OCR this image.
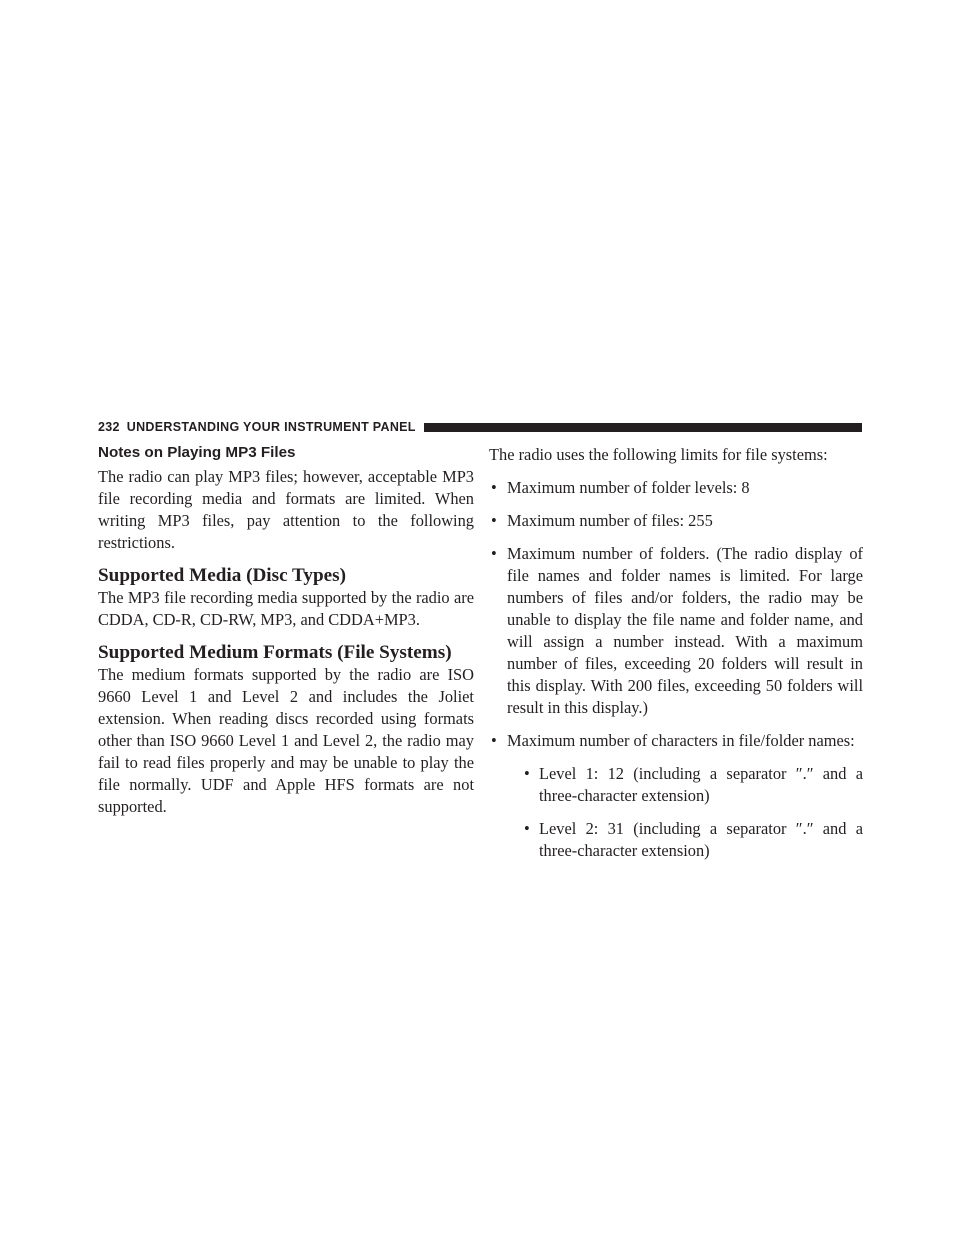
232 UNDERSTANDING YOUR INSTRUMENT PANEL
Notes on Playing MP3 Files

The radio can play MP3 files; however, acceptable MP3 file recording media and formats are limited. When writing MP3 files, pay attention to the following restrictions.

Supported Media (Disc Types)

The MP3 file recording media supported by the radio are CDDA, CD-R, CD-RW, MP3, and CDDA+MP3.

Supported Medium Formats (File Systems)

The medium formats supported by the radio are ISO 9660 Level 1 and Level 2 and includes the Joliet extension. When reading discs recorded using formats other than ISO 9660 Level 1 and Level 2, the radio may fail to read files properly and may be unable to play the file normally. UDF and Apple HFS formats are not supported.

The radio uses the following limits for file systems:

• Maximum number of folder levels: 8
• Maximum number of files: 255
• Maximum number of folders. (The radio display of file names and folder names is limited. For large numbers of files and/or folders, the radio may be unable to display the file name and folder name, and will assign a number instead. With a maximum number of files, exceeding 20 folders will result in this display. With 200 files, exceeding 50 folders will result in this display.)
• Maximum number of characters in file/folder names:
• Level 1: 12 (including a separator ″.″ and a three-character extension)
• Level 2: 31 (including a separator ″.″ and a three-character extension)
